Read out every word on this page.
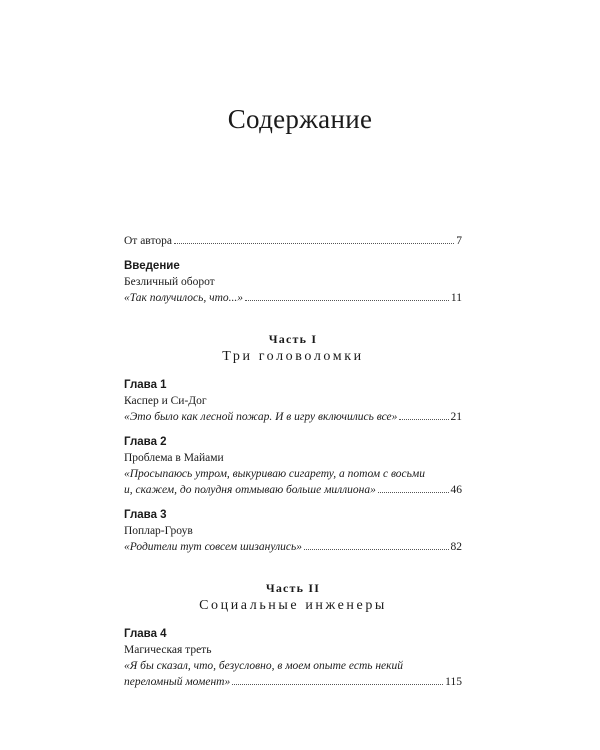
Содержание
От автора	7
Введение
Безличный оборот
«Так получилось, что...»	11
Часть I
Три головоломки
Глава 1
Каспер и Си-Дог
«Это было как лесной пожар. И в игру включились все»	21
Глава 2
Проблема в Майами
«Просыпаюсь утром, выкуриваю сигарету, а потом с восьми
и, скажем, до полудня отмываю больше миллиона»	46
Глава 3
Поплар-Гроув
«Родители тут совсем шизанулись»	82
Часть II
Социальные инженеры
Глава 4
Магическая треть
«Я бы сказал, что, безусловно, в моем опыте есть некий
переломный момент»	115
